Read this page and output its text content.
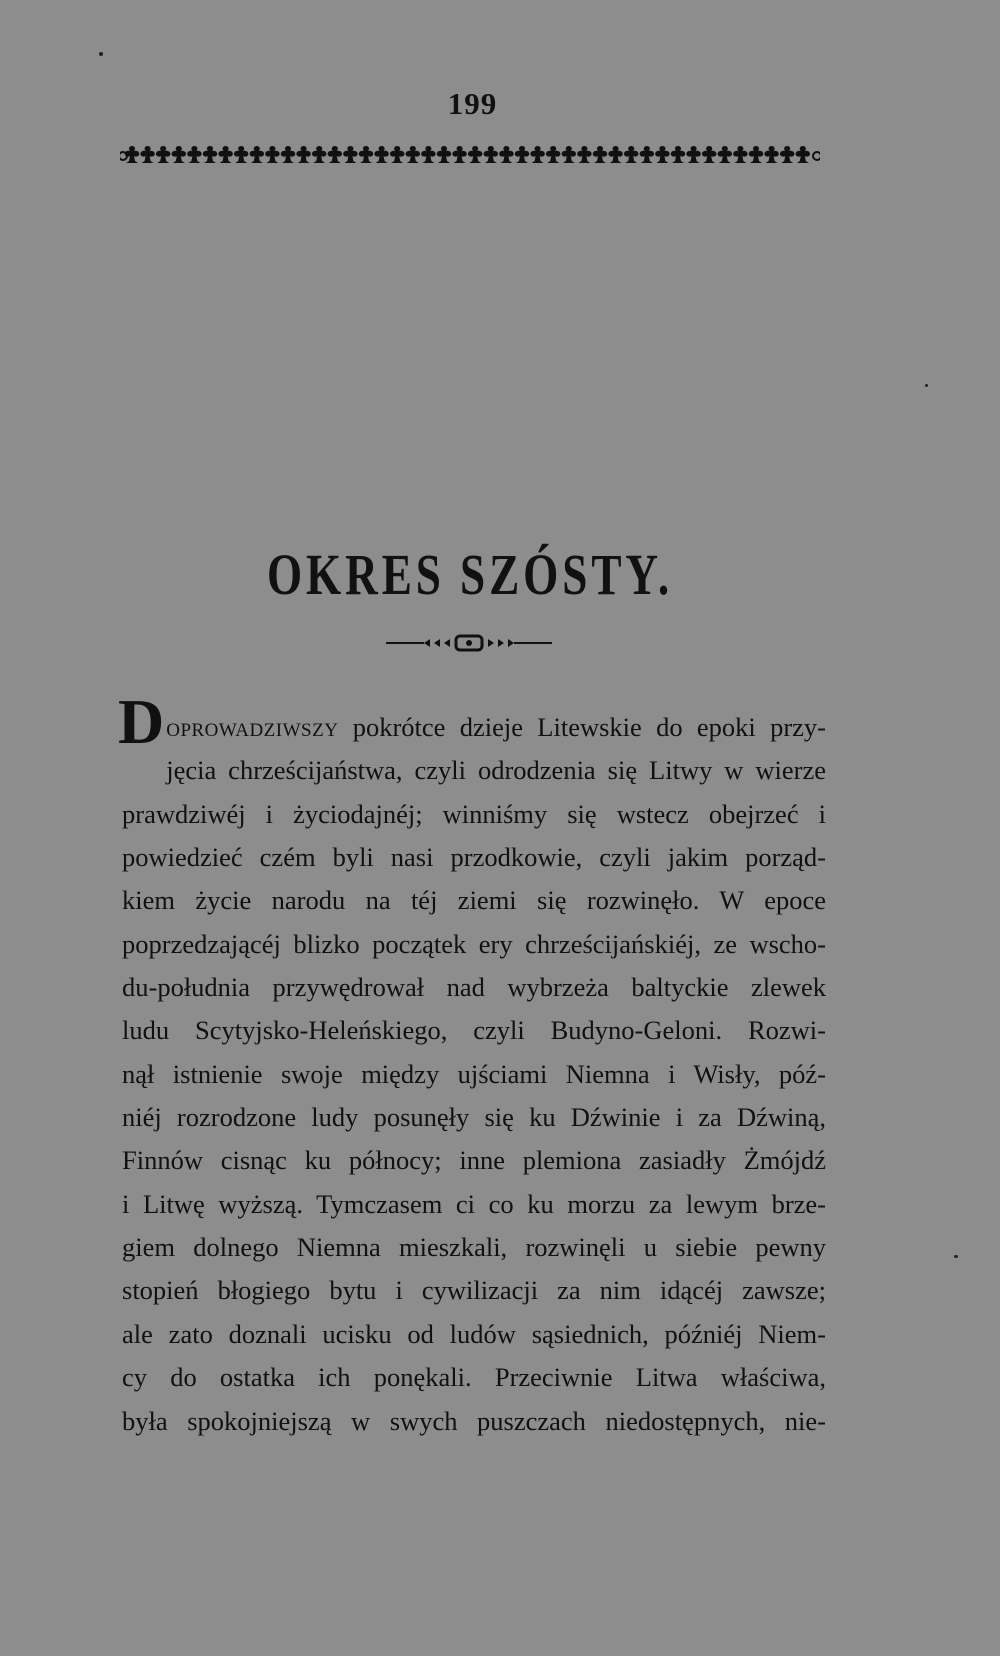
199
OKRES SZÓSTY.
Doprowadziwszy pokrótce dzieje Litewskie do epoki przy-
jęcia chrześcijaństwa, czyli odrodzenia się Litwy w wierze
prawdziwéj i życiodajnéj; winniśmy się wstecz obejrzeć i
powiedzieć czém byli nasi przodkowie, czyli jakim porząd-
kiem życie narodu na téj ziemi się rozwinęło. W epoce
poprzedzającéj blizko początek ery chrześcijańskiéj, ze wscho-
du-południa przywędrował nad wybrzeża baltyckie zlewek
ludu Scytyjsko-Heleńskiego, czyli Budyno-Geloni. Rozwi-
nął istnienie swoje między ujściami Niemna i Wisły, póź-
niéj rozrodzone ludy posunęły się ku Dźwinie i za Dźwiną,
Finnów cisnąc ku północy; inne plemiona zasiadły Żmójdź
i Litwę wyższą. Tymczasem ci co ku morzu za lewym brze-
giem dolnego Niemna mieszkali, rozwinęli u siebie pewny
stopień błogiego bytu i cywilizacji za nim idącéj zawsze;
ale zato doznali ucisku od ludów sąsiednich, późniéj Niem-
cy do ostatka ich ponękali. Przeciwnie Litwa właściwa,
była spokojniejszą w swych puszczach niedostępnych, nie-
